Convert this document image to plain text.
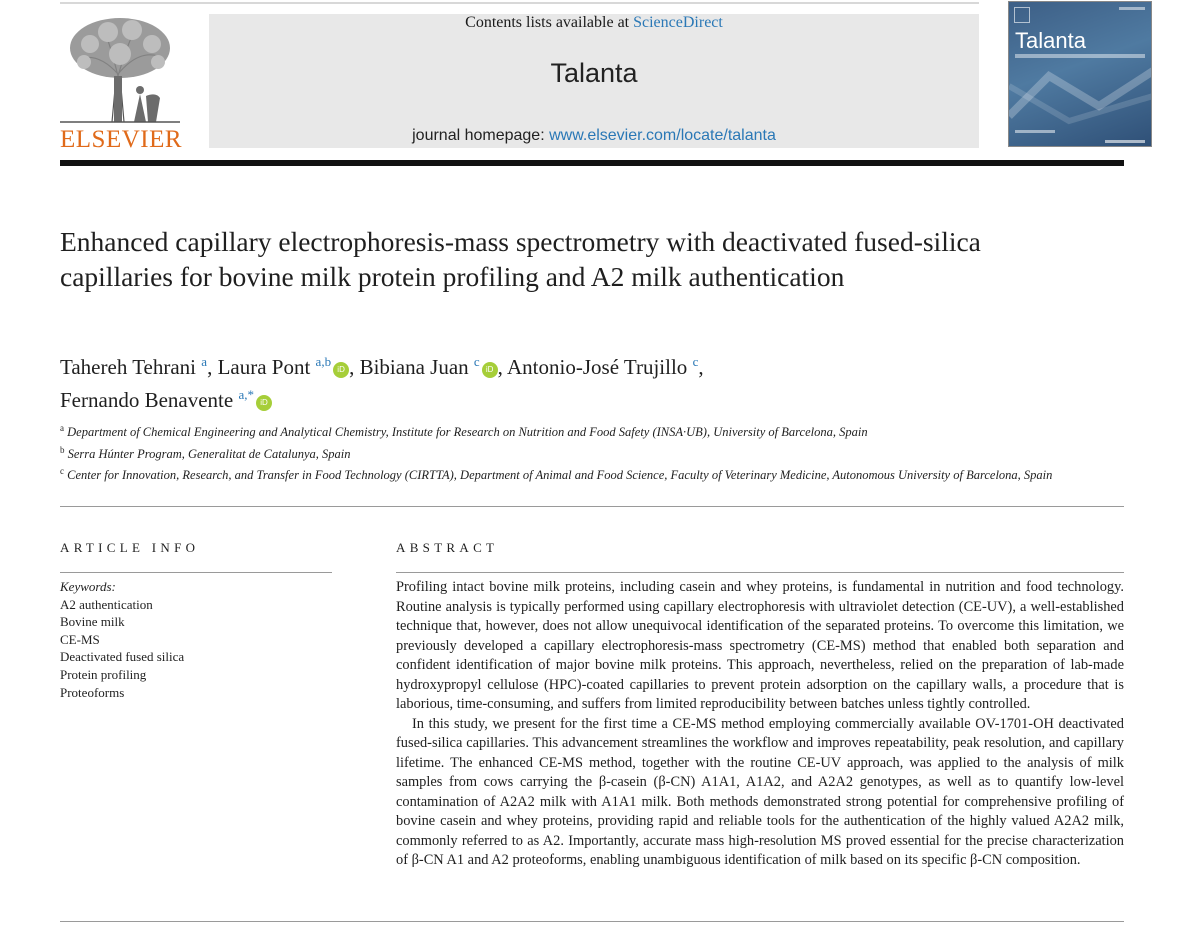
ELSEVIER
Contents lists available at ScienceDirect
Talanta
journal homepage: www.elsevier.com/locate/talanta
Talanta
Enhanced capillary electrophoresis-mass spectrometry with deactivated fused-silica capillaries for bovine milk protein profiling and A2 milk authentication
Tahereh Tehrani $^a$, Laura Pont $^{a,b}$iD , Bibiana Juan $^c$iD , Antonio-José Trujillo $^c$,
Fernando Benavente $^{a,*}$iD
$^a$ Department of Chemical Engineering and Analytical Chemistry, Institute for Research on Nutrition and Food Safety (INSA·UB), University of Barcelona, Spain
$^b$ Serra Húnter Program, Generalitat de Catalunya, Spain
$^c$ Center for Innovation, Research, and Transfer in Food Technology (CIRTTA), Department of Animal and Food Science, Faculty of Veterinary Medicine, Autonomous University of Barcelona, Spain
ARTICLE INFO
Keywords:
A2 authentication
Bovine milk
CE-MS
Deactivated fused silica
Protein profiling
Proteoforms
ABSTRACT

Profiling intact bovine milk proteins, including casein and whey proteins, is fundamental in nutrition and food technology. Routine analysis is typically performed using capillary electrophoresis with ultraviolet detection (CE-UV), a well-established technique that, however, does not allow unequivocal identification of the separated proteins. To overcome this limitation, we previously developed a capillary electrophoresis-mass spectrometry (CE-MS) method that enabled both separation and confident identification of major bovine milk proteins. This approach, nevertheless, relied on the preparation of lab-made hydroxypropyl cellulose (HPC)-coated capillaries to prevent protein adsorption on the capillary walls, a procedure that is laborious, time-consuming, and suffers from limited reproducibility between batches unless tightly controlled.

In this study, we present for the first time a CE-MS method employing commercially available OV-1701-OH deactivated fused-silica capillaries. This advancement streamlines the workflow and improves repeatability, peak resolution, and capillary lifetime. The enhanced CE-MS method, together with the routine CE-UV approach, was applied to the analysis of milk samples from cows carrying the β-casein (β-CN) A1A1, A1A2, and A2A2 genotypes, as well as to quantify low-level contamination of A2A2 milk with A1A1 milk. Both methods demonstrated strong potential for comprehensive profiling of bovine casein and whey proteins, providing rapid and reliable tools for the authentication of the highly valued A2A2 milk, commonly referred to as A2. Importantly, accurate mass high-resolution MS proved essential for the precise characterization of β-CN A1 and A2 proteoforms, enabling unambiguous identification of milk based on its specific β-CN composition.
